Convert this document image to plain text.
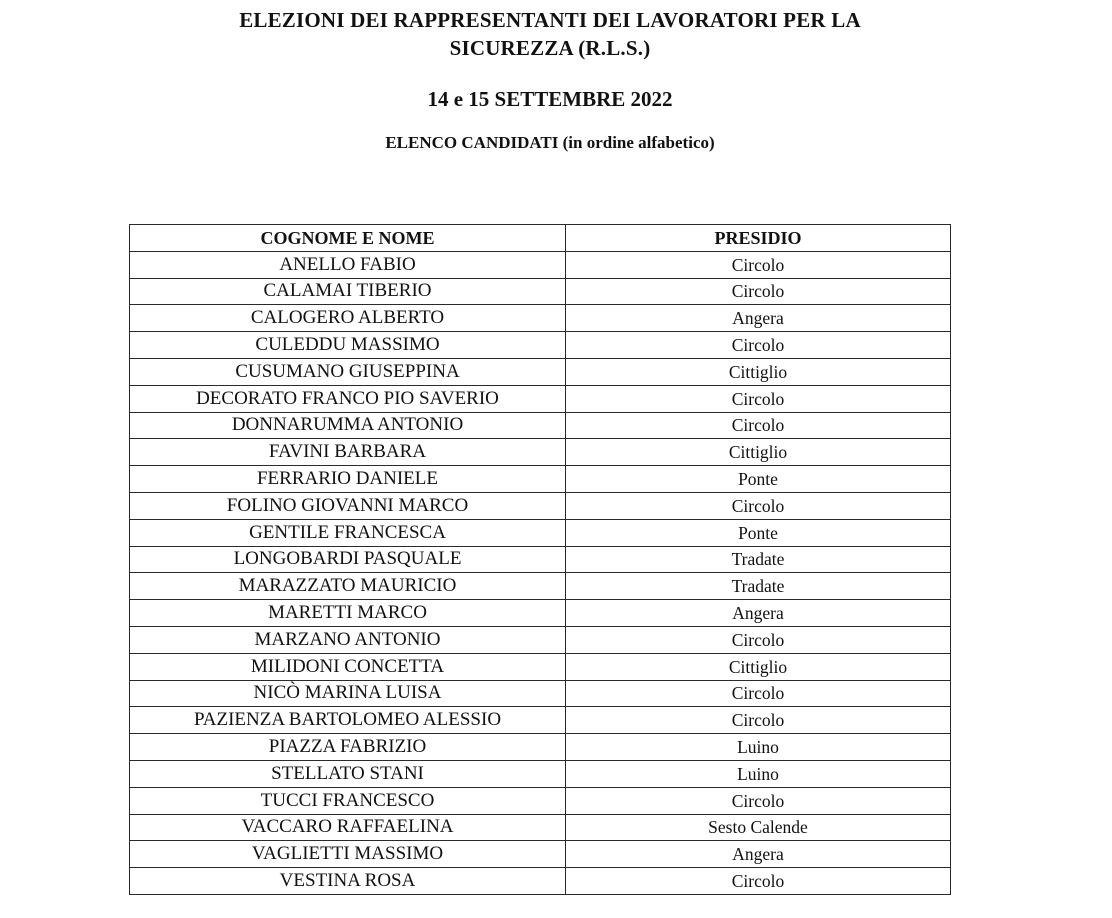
ELEZIONI DEI RAPPRESENTANTI DEI LAVORATORI PER LA
SICUREZZA (R.L.S.)
14 e 15 SETTEMBRE 2022
ELENCO CANDIDATI (in ordine alfabetico)
COGNOME E NOME	PRESIDIO
ANELLO FABIO	Circolo
CALAMAI TIBERIO	Circolo
CALOGERO ALBERTO	Angera
CULEDDU MASSIMO	Circolo
CUSUMANO GIUSEPPINA	Cittiglio
DECORATO FRANCO PIO SAVERIO	Circolo
DONNARUMMA ANTONIO	Circolo
FAVINI BARBARA	Cittiglio
FERRARIO DANIELE	Ponte
FOLINO GIOVANNI MARCO	Circolo
GENTILE FRANCESCA	Ponte
LONGOBARDI PASQUALE	Tradate
MARAZZATO MAURICIO	Tradate
MARETTI MARCO	Angera
MARZANO ANTONIO	Circolo
MILIDONI CONCETTA	Cittiglio
NICÒ MARINA LUISA	Circolo
PAZIENZA BARTOLOMEO ALESSIO	Circolo
PIAZZA FABRIZIO	Luino
STELLATO STANI	Luino
TUCCI FRANCESCO	Circolo
VACCARO RAFFAELINA	Sesto Calende
VAGLIETTI MASSIMO	Angera
VESTINA ROSA	Circolo
